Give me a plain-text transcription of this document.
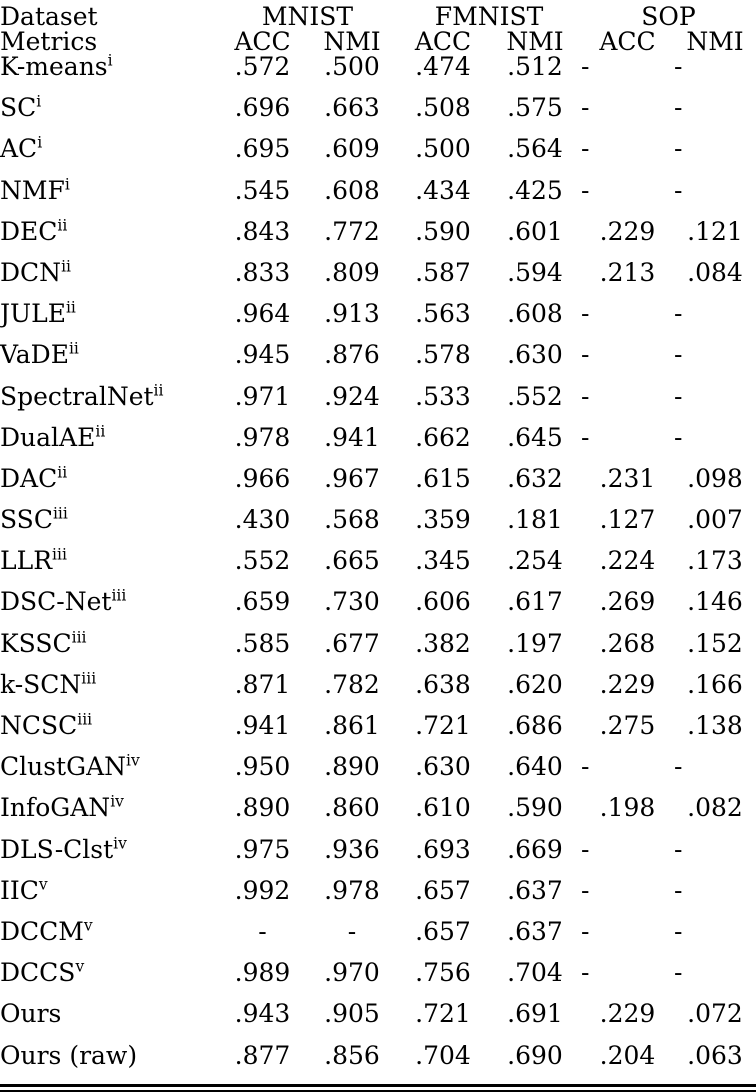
Dataset	MNIST		FMNIST		SOP	
Metrics	ACC	NMI	ACC	NMI	ACC	NMI
K-means$^i$	.572	.500	.474	.512	-	-
$SC^i$	.696	.663	.508	.575	-	-
$AC^i$	.695	.609	.500	.564	-	-
NMF$^i$	.545	.608	.434	.425	-	-
DEC$^{ii}$	.843	.772	.590	.601	.229	.121
DCN$^{ii}$	.833	.809	.587	.594	.213	.084
JULE$^{ii}$	.964	.913	.563	.608	-	-
VaDE$^{ii}$	.945	.876	.578	.630	-	-
SpectralNet$^{ii}$	.971	.924	.533	.552	-	-
DualAE$^{ii}$	.978	.941	.662	.645	-	-
DAC$^{ii}$	.966	.967	.615	.632	.231	.098
SSC$^{iii}$	.430	.568	.359	.181	.127	.007
LLR$^{iii}$	.552	.665	.345	.254	.224	.173
DSC-Net$^{iii}$	.659	.730	.606	.617	.269	.146
KSSC$^{iii}$	.585	.677	.382	.197	.268	.152
k-SCN$^{iii}$	.871	.782	.638	.620	.229	.166
NCSC$^{iii}$	.941	.861	.721	.686	.275	.138
ClustGAN$^{iv}$	.950	.890	.630	.640	-	-
InfoGAN$^{iv}$	.890	.860	.610	.590	.198	.082
DLS-Clst$^{iv}$	.975	.936	.693	.669	-	-
IIC$^v$	.992	.978	.657	.637	-	-
DCCM$^v$	-	-	.657	.637	-	-
DCCS$^v$	.989	.970	.756	.704	-	-
Ours	.943	.905	.721	.691	.229	.072
Ours (raw)	.877	.856	.704	.690	.204	.063
